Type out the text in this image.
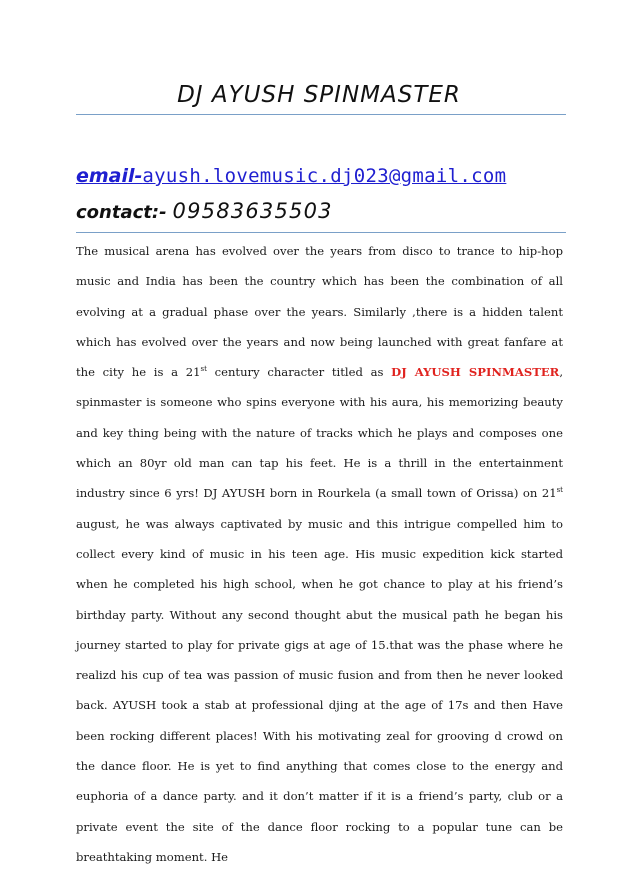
DJ AYUSH SPINMASTER
email-ayush.lovemusic.dj023@gmail.com
contact:- 09583635503

The musical arena has evolved over the years from disco to trance to hip-hop music and India has been the country which has been the combination of all evolving at a gradual phase over the years. Similarly ,there is a hidden talent which has evolved over the years and now being launched with great fanfare at the city he is a 21st century character titled as DJ AYUSH SPINMASTER, spinmaster is someone who spins everyone with his aura, his memorizing beauty and key thing being with the nature of tracks which he plays and composes one which an 80yr old man can tap his feet. He is a thrill in the entertainment industry since 6 yrs! DJ AYUSH born in Rourkela (a small town of Orissa) on 21st august, he was always captivated by music and this intrigue compelled him to collect every kind of music in his teen age. His music expedition kick started when he completed his high school, when he got chance to play at his friend’s birthday party. Without any second thought abut the musical path he began his journey started to play for private gigs at age of 15.that was the phase where he realizd his cup of tea was passion of music fusion and from then he never looked back. AYUSH took a stab at professional djing at the age of 17s and then Have been rocking different places! With his motivating zeal for grooving d crowd on the dance floor. He is yet to find anything that comes close to the energy and euphoria of a dance party. and it don’t matter if it is a friend’s party, club or a private event the site of the dance floor rocking to a popular tune can be breathtaking moment. He
